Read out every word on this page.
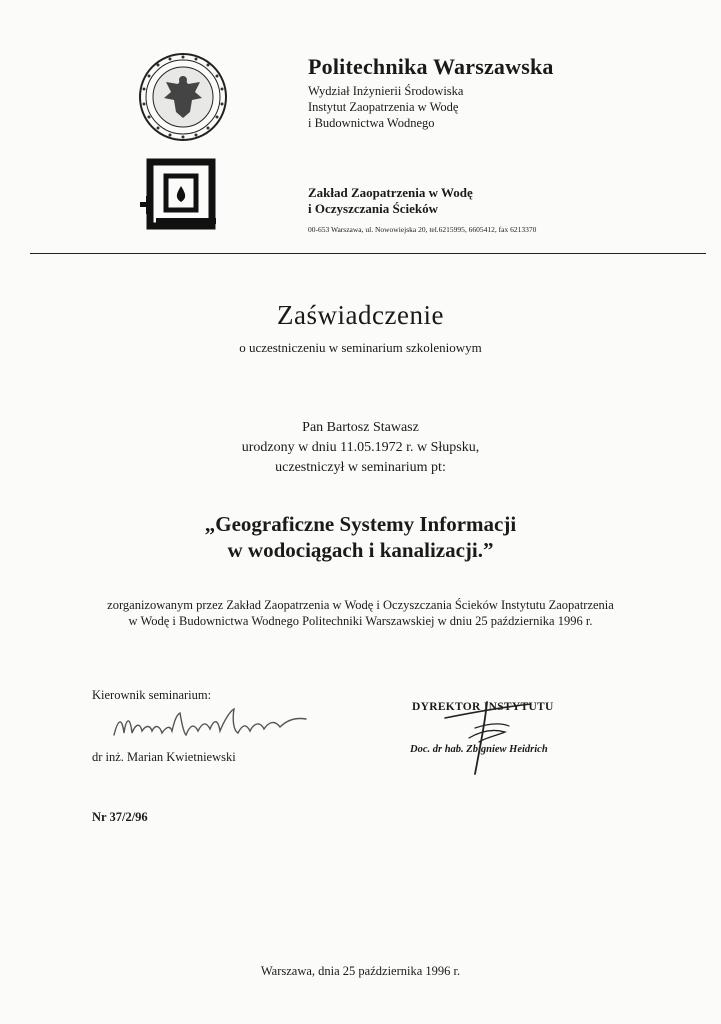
Politechnika Warszawska
Wydział Inżynierii Środowiska
Instytut Zaopatrzenia w Wodę
i Budownictwa Wodnego
Zakład Zaopatrzenia w Wodę
i Oczyszczania Ścieków
00-653 Warszawa, ul. Nowowiejska 20, tel.6215995, 6605412, fax 6213370
Zaświadczenie
o uczestniczeniu w seminarium szkoleniowym
Pan Bartosz Stawasz
urodzony w dniu 11.05.1972 r. w Słupsku,
uczestniczył w seminarium pt:
„Geograficzne Systemy Informacji
w wodociągach i kanalizacji.”
zorganizowanym przez Zakład Zaopatrzenia w Wodę i Oczyszczania Ścieków Instytutu Zaopatrzenia
w Wodę i Budownictwa Wodnego Politechniki Warszawskiej w dniu 25 października 1996 r.
Kierownik seminarium:
dr inż. Marian Kwietniewski
DYREKTOR INSTYTUTU
Doc. dr hab. Zbigniew Heidrich
Nr 37/2/96
Warszawa, dnia 25 października 1996 r.
